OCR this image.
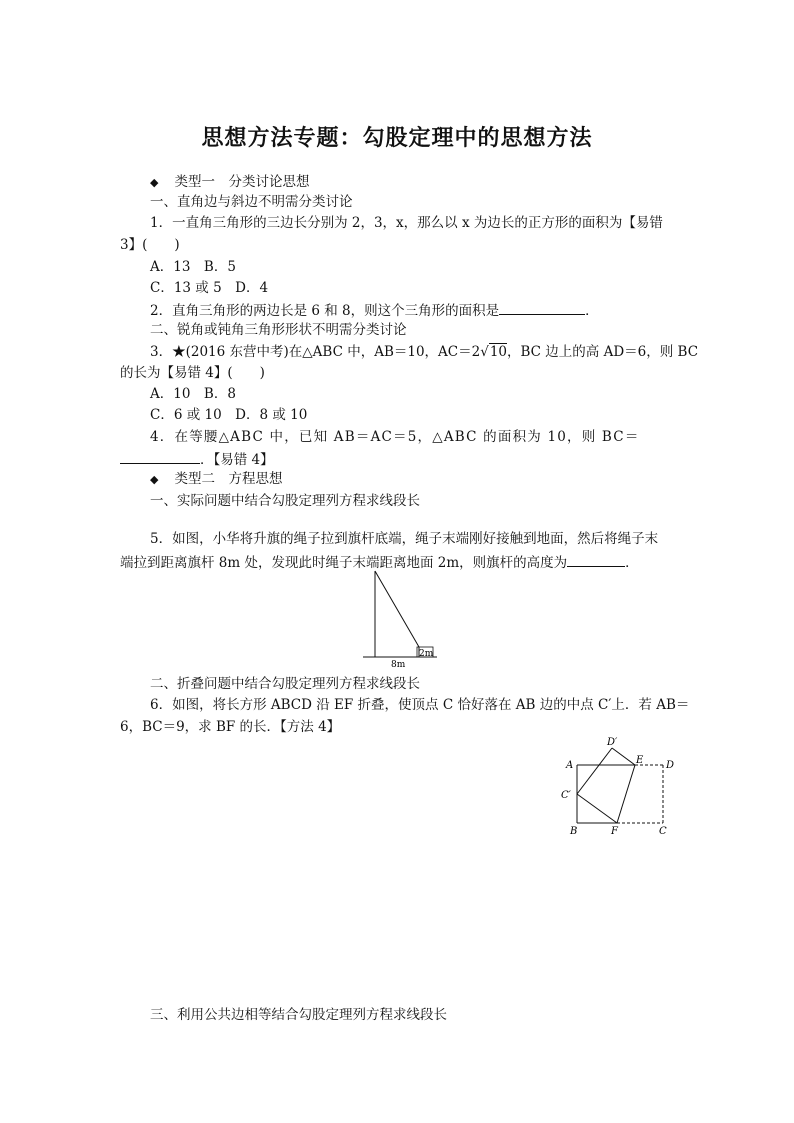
思想方法专题：勾股定理中的思想方法
◆ 类型一　分类讨论思想
一、直角边与斜边不明需分类讨论
1．一直角三角形的三边长分别为 2，3，x，那么以 x 为边长的正方形的面积为【易错
3】(　　)
A．13　B．5
C．13 或 5　D．4
2．直角三角形的两边长是 6 和 8，则这个三角形的面积是	．
二、锐角或钝角三角形形状不明需分类讨论
3．★(2016 东营中考)在△ABC 中，AB＝10，AC＝2√10，BC 边上的高 AD＝6，则 BC
的长为【易错 4】(　　)
A．10　B．8
C．6 或 10　D．8 或 10
4．在等腰△ABC 中，已知 AB＝AC＝5，△ABC 的面积为 10，则 BC＝
．【易错 4】
◆ 类型二　方程思想
一、实际问题中结合勾股定理列方程求线段长
5．如图，小华将升旗的绳子拉到旗杆底端，绳子末端刚好接触到地面，然后将绳子末
端拉到距离旗杆 8m 处，发现此时绳子末端距离地面 2m，则旗杆的高度为	．
2m
8m
二、折叠问题中结合勾股定理列方程求线段长
6．如图，将长方形 ABCD 沿 EF 折叠，使顶点 C 恰好落在 AB 边的中点 C′上．若 AB＝
6，BC＝9，求 BF 的长．【方法 4】
A
B	C
D
E
F
C′
D′
三、利用公共边相等结合勾股定理列方程求线段长
